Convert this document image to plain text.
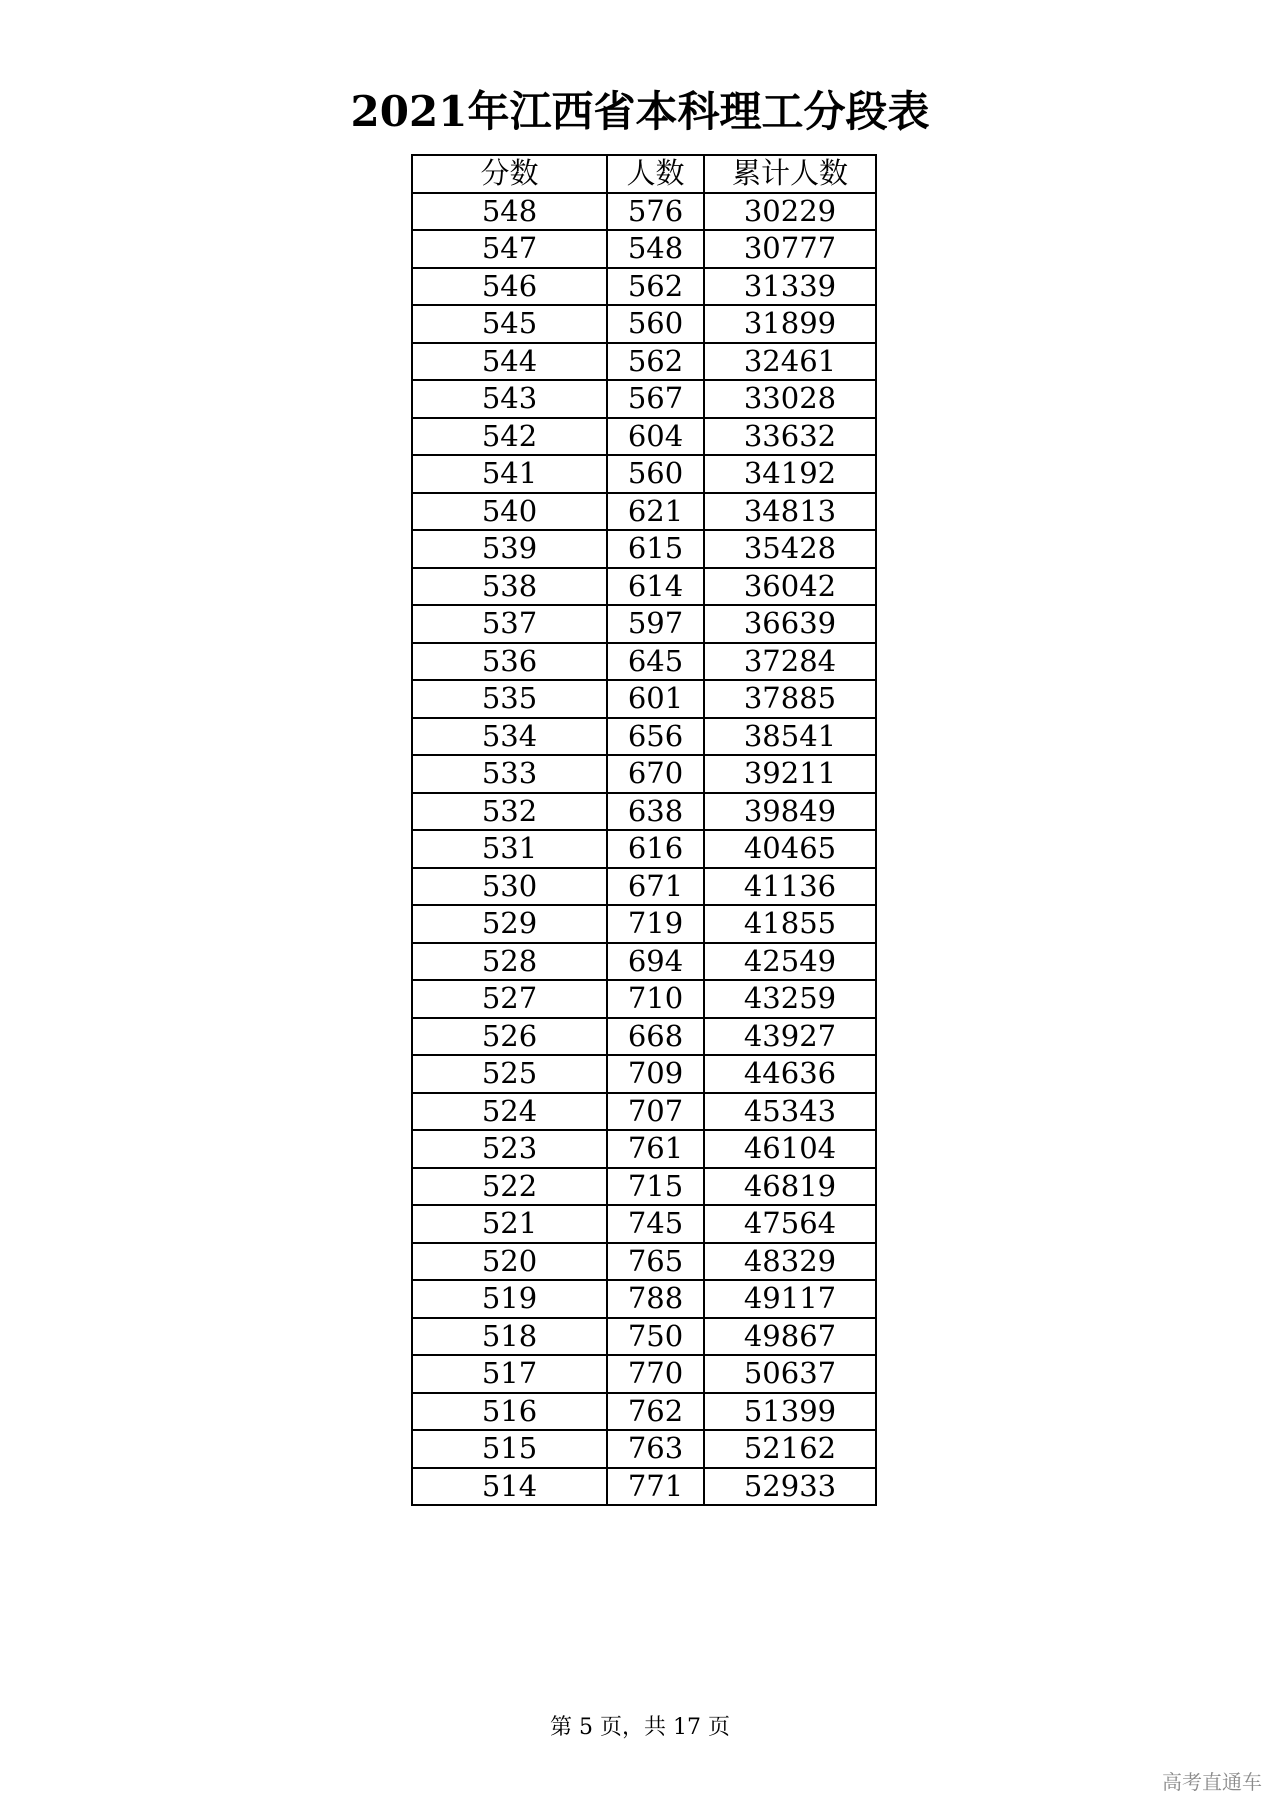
2021年江西省本科理工分段表
分数	人数	累计人数
548	576	30229
547	548	30777
546	562	31339
545	560	31899
544	562	32461
543	567	33028
542	604	33632
541	560	34192
540	621	34813
539	615	35428
538	614	36042
537	597	36639
536	645	37284
535	601	37885
534	656	38541
533	670	39211
532	638	39849
531	616	40465
530	671	41136
529	719	41855
528	694	42549
527	710	43259
526	668	43927
525	709	44636
524	707	45343
523	761	46104
522	715	46819
521	745	47564
520	765	48329
519	788	49117
518	750	49867
517	770	50637
516	762	51399
515	763	52162
514	771	52933
第 5 页，共 17 页
高考直通车
